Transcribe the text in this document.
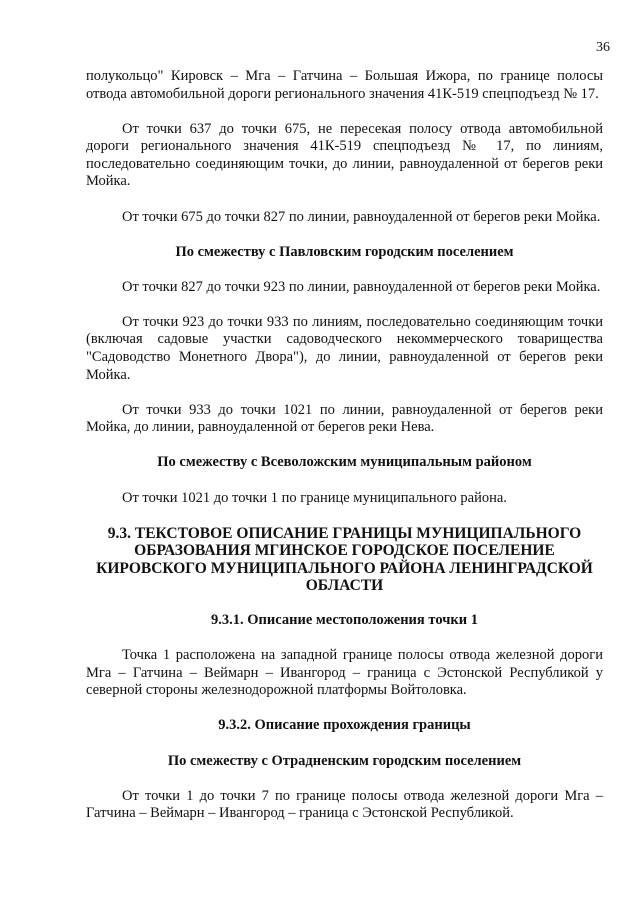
36

полукольцо" Кировск – Мга – Гатчина – Большая Ижора, по границе полосы отвода автомобильной дороги регионального значения 41К-519 спецподъезд № 17.

От точки 637 до точки 675, не пересекая полосу отвода автомобильной дороги регионального значения 41К-519 спецподъезд № 17, по линиям, последовательно соединяющим точки, до линии, равноудаленной от берегов реки Мойка.

От точки 675 до точки 827 по линии, равноудаленной от берегов реки Мойка.

По смежеству с Павловским городским поселением

От точки 827 до точки 923 по линии, равноудаленной от берегов реки Мойка.

От точки 923 до точки 933 по линиям, последовательно соединяющим точки (включая садовые участки садоводческого некоммерческого товарищества "Садоводство Монетного Двора"), до линии, равноудаленной от берегов реки Мойка.

От точки 933 до точки 1021 по линии, равноудаленной от берегов реки Мойка, до линии, равноудаленной от берегов реки Нева.

По смежеству с Всеволожским муниципальным районом

От точки 1021 до точки 1 по границе муниципального района.

9.3. ТЕКСТОВОЕ ОПИСАНИЕ ГРАНИЦЫ МУНИЦИПАЛЬНОГО ОБРАЗОВАНИЯ МГИНСКОЕ ГОРОДСКОЕ ПОСЕЛЕНИЕ КИРОВСКОГО МУНИЦИПАЛЬНОГО РАЙОНА ЛЕНИНГРАДСКОЙ ОБЛАСТИ
9.3.1. Описание местоположения точки 1

Точка 1 расположена на западной границе полосы отвода железной дороги Мга – Гатчина – Веймарн – Ивангород – граница с Эстонской Республикой у северной стороны железнодорожной платформы Войтоловка.

9.3.2. Описание прохождения границы
По смежеству с Отрадненским городским поселением

От точки 1 до точки 7 по границе полосы отвода железной дороги Мга – Гатчина – Веймарн – Ивангород – граница с Эстонской Республикой.
